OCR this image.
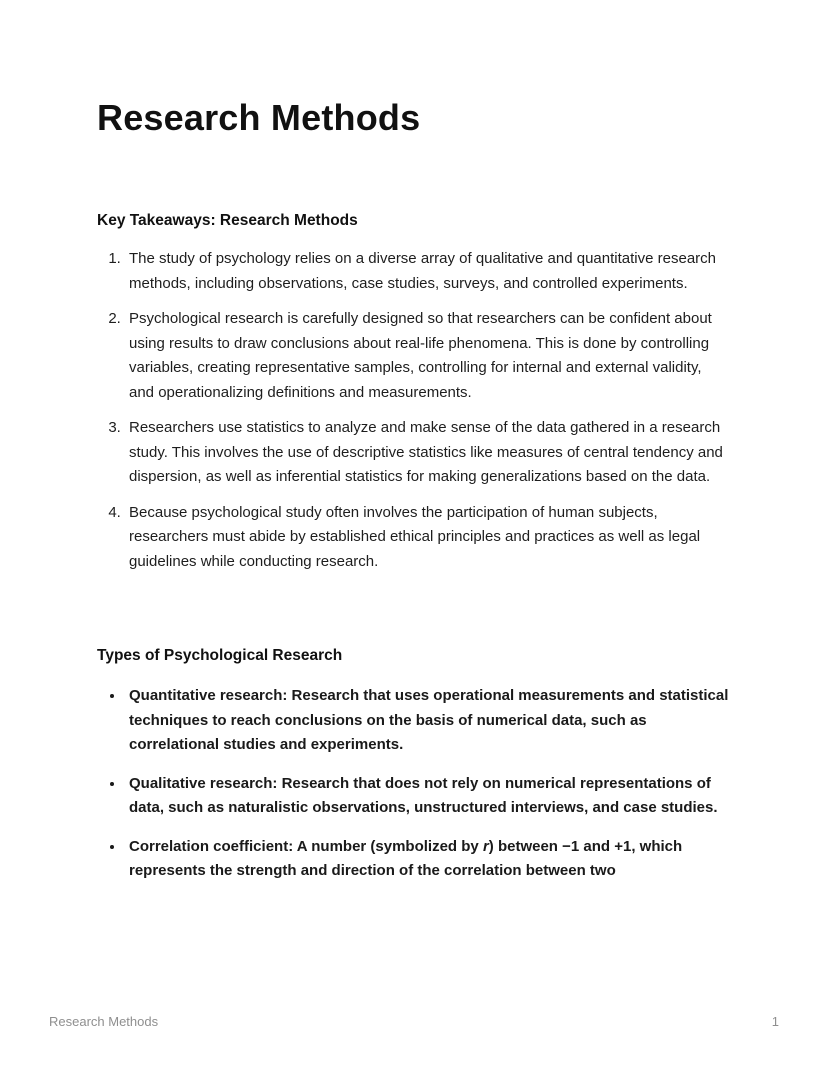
Research Methods
Key Takeaways: Research Methods
1. The study of psychology relies on a diverse array of qualitative and quantitative research methods, including observations, case studies, surveys, and controlled experiments.
2. Psychological research is carefully designed so that researchers can be confident about using results to draw conclusions about real-life phenomena. This is done by controlling variables, creating representative samples, controlling for internal and external validity, and operationalizing definitions and measurements.
3. Researchers use statistics to analyze and make sense of the data gathered in a research study. This involves the use of descriptive statistics like measures of central tendency and dispersion, as well as inferential statistics for making generalizations based on the data.
4. Because psychological study often involves the participation of human subjects, researchers must abide by established ethical principles and practices as well as legal guidelines while conducting research.
Types of Psychological Research
• Quantitative research: Research that uses operational measurements and statistical techniques to reach conclusions on the basis of numerical data, such as correlational studies and experiments.
• Qualitative research: Research that does not rely on numerical representations of data, such as naturalistic observations, unstructured interviews, and case studies.
• Correlation coefficient: A number (symbolized by r) between −1 and +1, which represents the strength and direction of the correlation between two
Research Methods	1
